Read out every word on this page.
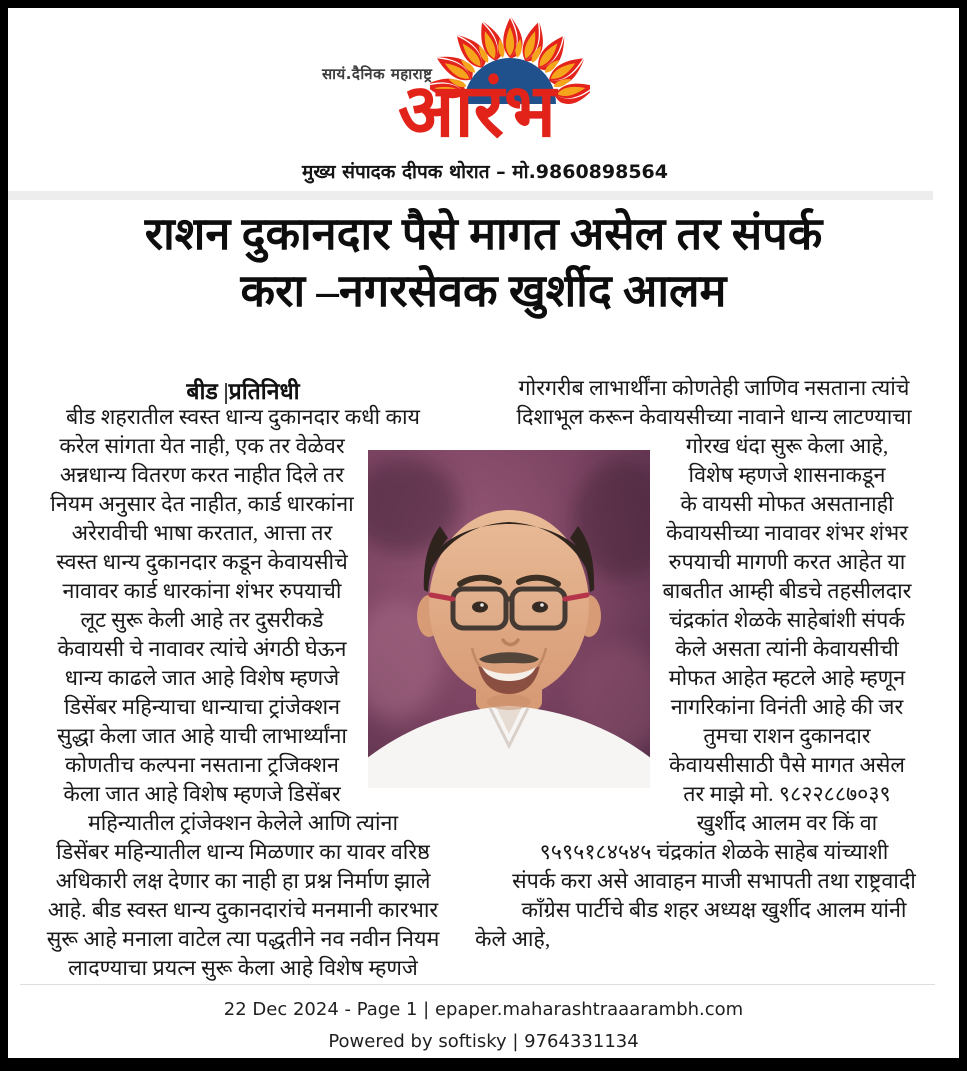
सायं.दैनिक महाराष्ट्र
आरंभ
मुख्य संपादक दीपक थोरात – मो.9860898564
राशन दुकानदार पैसे मागत असेल तर संपर्क
करा –नगरसेवक खुर्शीद आलम
बीड |प्रतिनिधी
बीड शहरातील स्वस्त धान्य दुकानदार कधी काय
करेल सांगता येत नाही, एक तर वेळेवर
अन्नधान्य वितरण करत नाहीत दिले तर
नियम अनुसार देत नाहीत, कार्ड धारकांना
अरेरावीची भाषा करतात, आत्ता तर
स्वस्त धान्य दुकानदार कडून केवायसीचे
नावावर कार्ड धारकांना शंभर रुपयाची
लूट सुरू केली आहे तर दुसरीकडे
केवायसी चे नावावर त्यांचे अंगठी घेऊन
धान्य काढले जात आहे विशेष म्हणजे
डिसेंबर महिन्याचा धान्याचा ट्रांजेक्शन
सुद्धा केला जात आहे याची लाभार्थ्यांना
कोणतीच कल्पना नसताना ट्रजिक्शन
केला जात आहे विशेष म्हणजे डिसेंबर
महिन्यातील ट्रांजेक्शन केलेले आणि त्यांना
डिसेंबर महिन्यातील धान्य मिळणार का यावर वरिष्ठ
अधिकारी लक्ष देणार का नाही हा प्रश्न निर्माण झाले
आहे. बीड स्वस्त धान्य दुकानदारांचे मनमानी कारभार
सुरू आहे मनाला वाटेल त्या पद्धतीने नव नवीन नियम
लादण्याचा प्रयत्न सुरू केला आहे विशेष म्हणजे
गोरगरीब लाभार्थींना कोणतेही जाणिव नसताना त्यांचे
दिशाभूल करून केवायसीच्या नावाने धान्य लाटण्याचा
गोरख धंदा सुरू केला आहे,
विशेष म्हणजे शासनाकडून
के वायसी मोफत असतानाही
केवायसीच्या नावावर शंभर शंभर
रुपयाची मागणी करत आहेत या
बाबतीत आम्ही बीडचे तहसीलदार
चंद्रकांत शेळके साहेबांशी संपर्क
केले असता त्यांनी केवायसीची
मोफत आहेत म्हटले आहे म्हणून
नागरिकांना विनंती आहे की जर
तुमचा राशन दुकानदार
केवायसीसाठी पैसे मागत असेल
तर माझे मो. ९८२२८८७०३९
खुर्शीद आलम वर किं वा
९५९५१८४५४५ चंद्रकांत शेळके साहेब यांच्याशी
संपर्क करा असे आवाहन माजी सभापती तथा राष्ट्रवादी
काँग्रेस पार्टीचे बीड शहर अध्यक्ष खुर्शीद आलम यांनी
केले आहे,
22 Dec 2024 - Page 1 | epaper.maharashtraaarambh.com
Powered by softisky | 9764331134
